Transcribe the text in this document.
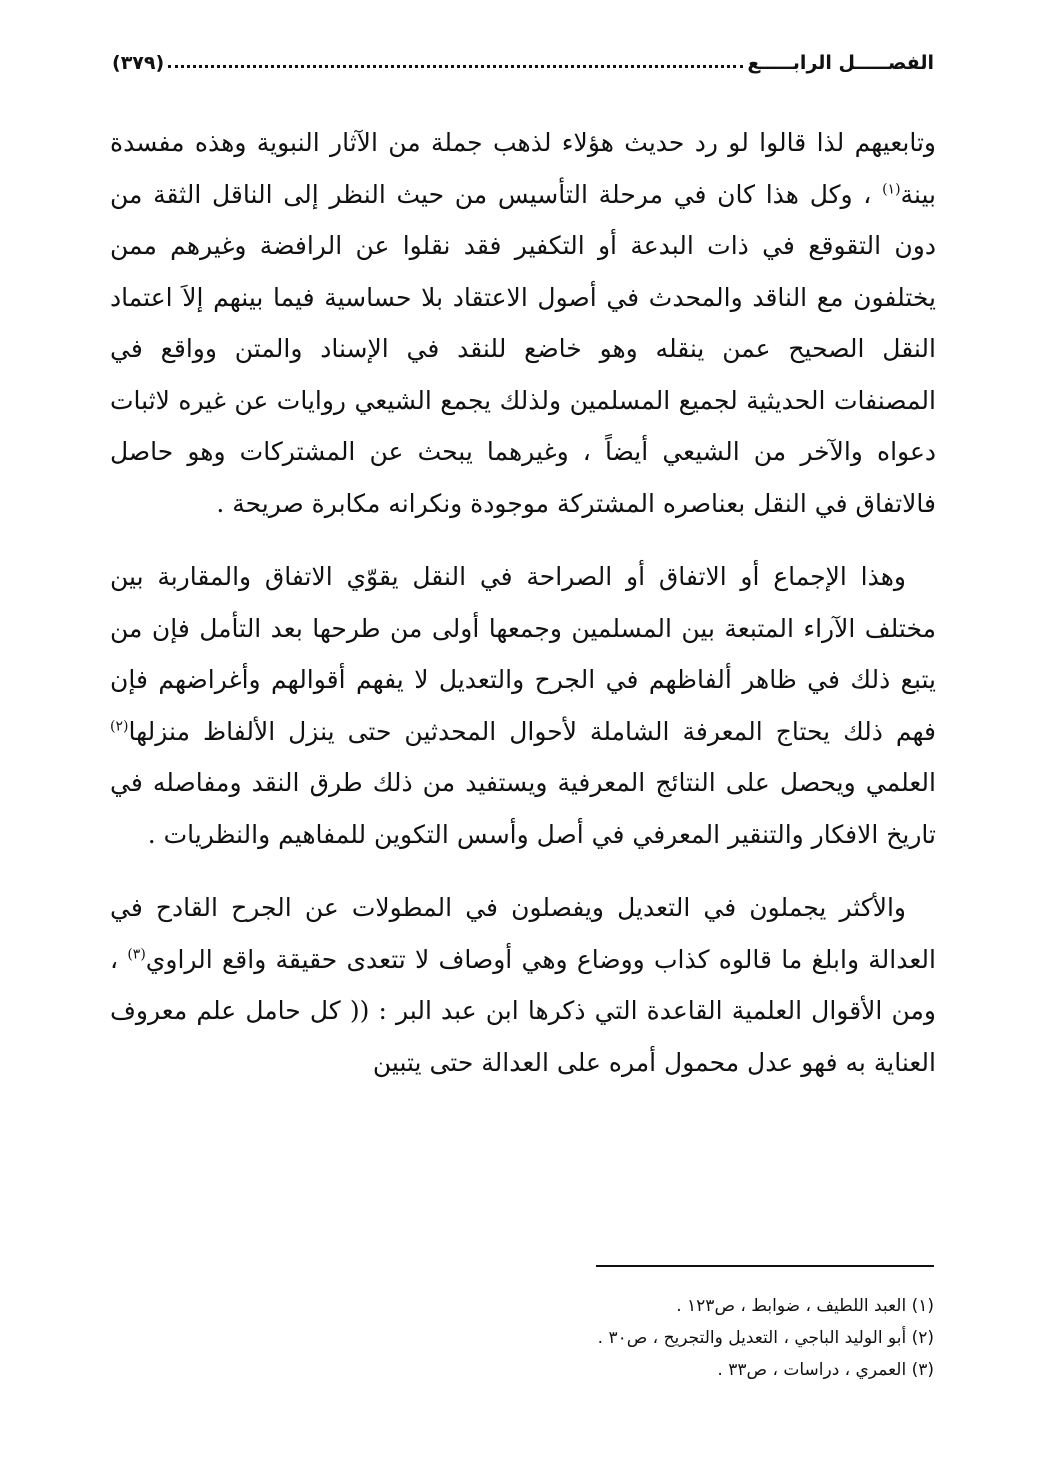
الفصـــــل الرابـــــع
(٣٧٩)

وتابعيهم لذا قالوا لو رد حديث هؤلاء لذهب جملة من الآثار النبوية وهذه مفسدة بينة$^{(١)}$ ، وكل هذا كان في مرحلة التأسيس من حيث النظر إلى الناقل الثقة من دون التقوقع في ذات البدعة أو التكفير فقد نقلوا عن الرافضة وغيرهم ممن يختلفون مع الناقد والمحدث في أصول الاعتقاد بلا حساسية فيما بينهم إلاَ اعتماد النقل الصحيح عمن ينقله وهو خاضع للنقد في الإسناد والمتن وواقع في المصنفات الحديثية لجميع المسلمين ولذلك يجمع الشيعي روايات عن غيره لاثبات دعواه والآخر من الشيعي أيضاً ، وغيرهما يبحث عن المشتركات وهو حاصل فالاتفاق في النقل بعناصره المشتركة موجودة ونكرانه مكابرة صريحة .

وهذا الإجماع أو الاتفاق أو الصراحة في النقل يقوّي الاتفاق والمقاربة بين مختلف الآراء المتبعة بين المسلمين وجمعها أولى من طرحها بعد التأمل فإن من يتبع ذلك في ظاهر ألفاظهم في الجرح والتعديل لا يفهم أقوالهم وأغراضهم فإن فهم ذلك يحتاج المعرفة الشاملة لأحوال المحدثين حتى ينزل الألفاظ منزلها$^{(٢)}$ العلمي ويحصل على النتائج المعرفية ويستفيد من ذلك طرق النقد ومفاصله في تاريخ الافكار والتنقير المعرفي في أصل وأسس التكوين للمفاهيم والنظريات .

والأكثر يجملون في التعديل ويفصلون في المطولات عن الجرح القادح في العدالة وابلغ ما قالوه كذاب ووضاع وهي أوصاف لا تتعدى حقيقة واقع الراوي$^{(٣)}$ ، ومن الأقوال العلمية القاعدة التي ذكرها ابن عبد البر : (( كل حامل علم معروف العناية به فهو عدل محمول أمره على العدالة حتى يتبين

(١) العبد اللطيف ، ضوابط ، ص١٢٣ .
(٢) أبو الوليد الباجي ، التعديل والتجريح ، ص٣٠ .
(٣) العمري ، دراسات ، ص٣٣ .
